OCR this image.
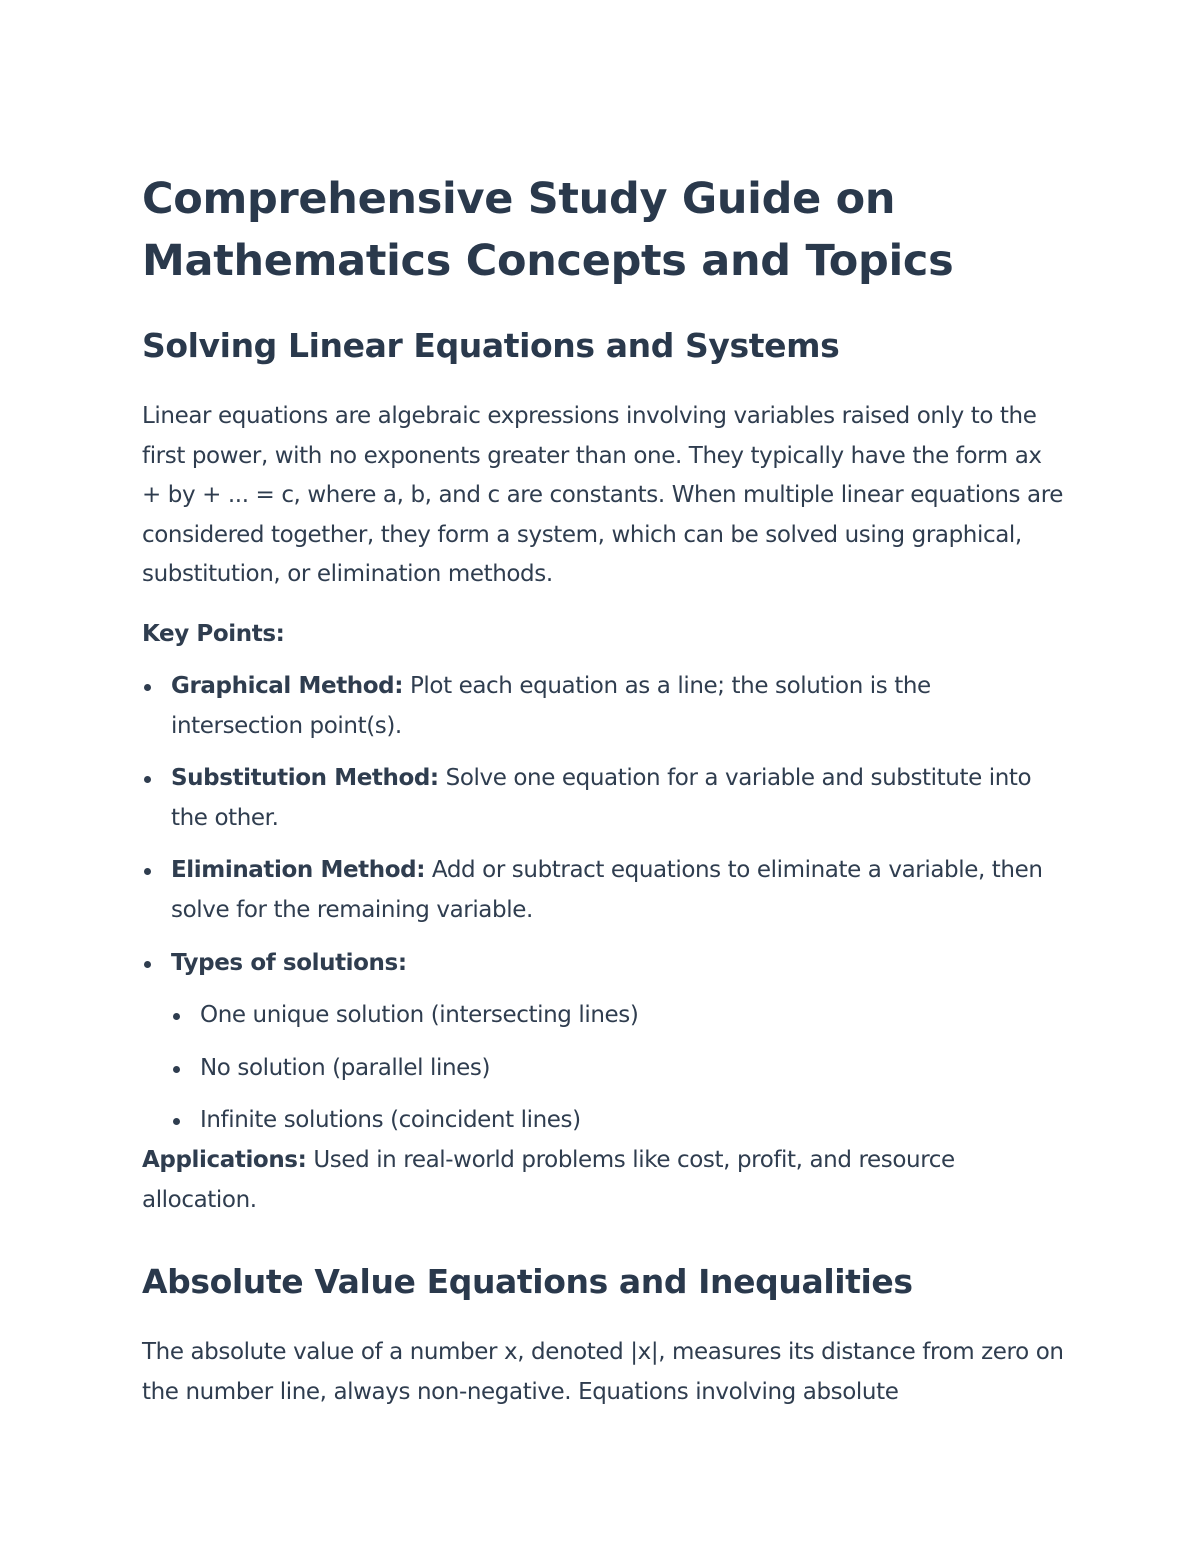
Comprehensive Study Guide on Mathematics Concepts and Topics
Solving Linear Equations and Systems

Linear equations are algebraic expressions involving variables raised only to the first power, with no exponents greater than one. They typically have the form ax + by + ... = c, where a, b, and c are constants. When multiple linear equations are considered together, they form a system, which can be solved using graphical, substitution, or elimination methods.

Key Points:
Graphical Method: Plot each equation as a line; the solution is the intersection point(s).
Substitution Method: Solve one equation for a variable and substitute into the other.
Elimination Method: Add or subtract equations to eliminate a variable, then solve for the remaining variable.
Types of solutions:
One unique solution (intersecting lines)
No solution (parallel lines)
Infinite solutions (coincident lines)

Applications: Used in real-world problems like cost, profit, and resource allocation.

Absolute Value Equations and Inequalities

The absolute value of a number x, denoted |x|, measures its distance from zero on the number line, always non-negative. Equations involving absolute
